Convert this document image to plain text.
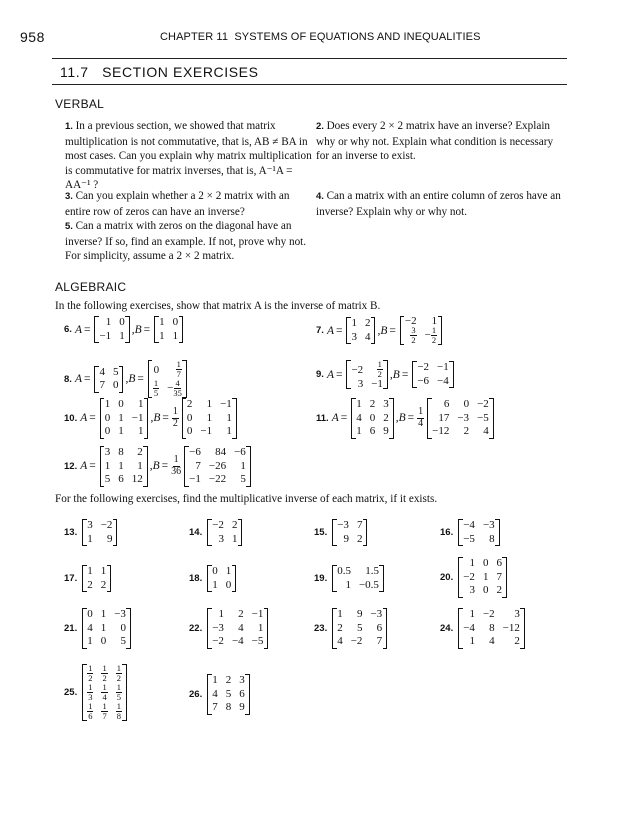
958	CHAPTER 11 SYSTEMS OF EQUATIONS AND INEQUALITIES
11.7 SECTION EXERCISES
VERBAL
1. In a previous section, we showed that matrix multiplication is not commutative, that is, AB ≠ BA in most cases. Can you explain why matrix multiplication is commutative for matrix inverses, that is, A⁻¹A = AA⁻¹ ?
2. Does every 2 × 2 matrix have an inverse? Explain why or why not. Explain what condition is necessary for an inverse to exist.
3. Can you explain whether a 2 × 2 matrix with an entire row of zeros can have an inverse?
4. Can a matrix with an entire column of zeros have an inverse? Explain why or why not.
5. Can a matrix with zeros on the diagonal have an inverse? If so, find an example. If not, prove why not. For simplicity, assume a 2 × 2 matrix.
ALGEBRAIC
In the following exercises, show that matrix A is the inverse of matrix B.
6. A =
1	0
−1	1 , B =
1	0
1	1	7. A =
1	2
3	4 , B =
−2	1

$\frac{3}{2}$	− $\frac{1}{2}$

8. A =
4	5
7	0 , B =
0	$\frac{1}{7}$

$\frac{1}{5}$	− $\frac{4}{35}$

9. A = −2	$\frac{1}{2}$

3	−1

, B =
−2	−1
−6	−4

10. A =
1	0	1
0	1	−1
0	1	1

, $B = \frac{1}{2}$
2	1	−1
0	1	1
0	−1	1

11. A =
1	2	3
4	0	2
1	6	9

, $B = \frac{1}{4}$
6	0	−2
17	−3	−5
−12	2	4

12. A =
3	8	2
1	1	1
5	6	12

, $B = \frac{1}{36}$
−6	84	−6
7	−26	1
−1	−22	5

For the following exercises, find the multiplicative inverse of each matrix, if it exists.
13.
3	−2
1	9	14.
−2	2
3	1	15.
−3	7
9	2	16.
−4	−3
−5	8

17.
1	1
2	2	18.
0	1
1	0	19.
0.5	1.5
1	−0.5

20.
1	0	6
−2	1	7
3	0	2

21.
0	1	−3
4	1	0
1	0	5

22.
1	2	−1
−3	4	1
−2	−4	−5

23.
1	9	−3
2	5	6
4	−2	7

24.
1	−2	3
−4	8	−12
1	4	2

25.
$\frac{1}{2}$	$\frac{1}{2}$	$\frac{1}{2}$

$\frac{1}{3}$	$\frac{1}{4}$	$\frac{1}{5}$

$\frac{1}{6}$	$\frac{1}{7}$	$\frac{1}{8}$

26.
1	2	3
4	5	6
7	8	9
